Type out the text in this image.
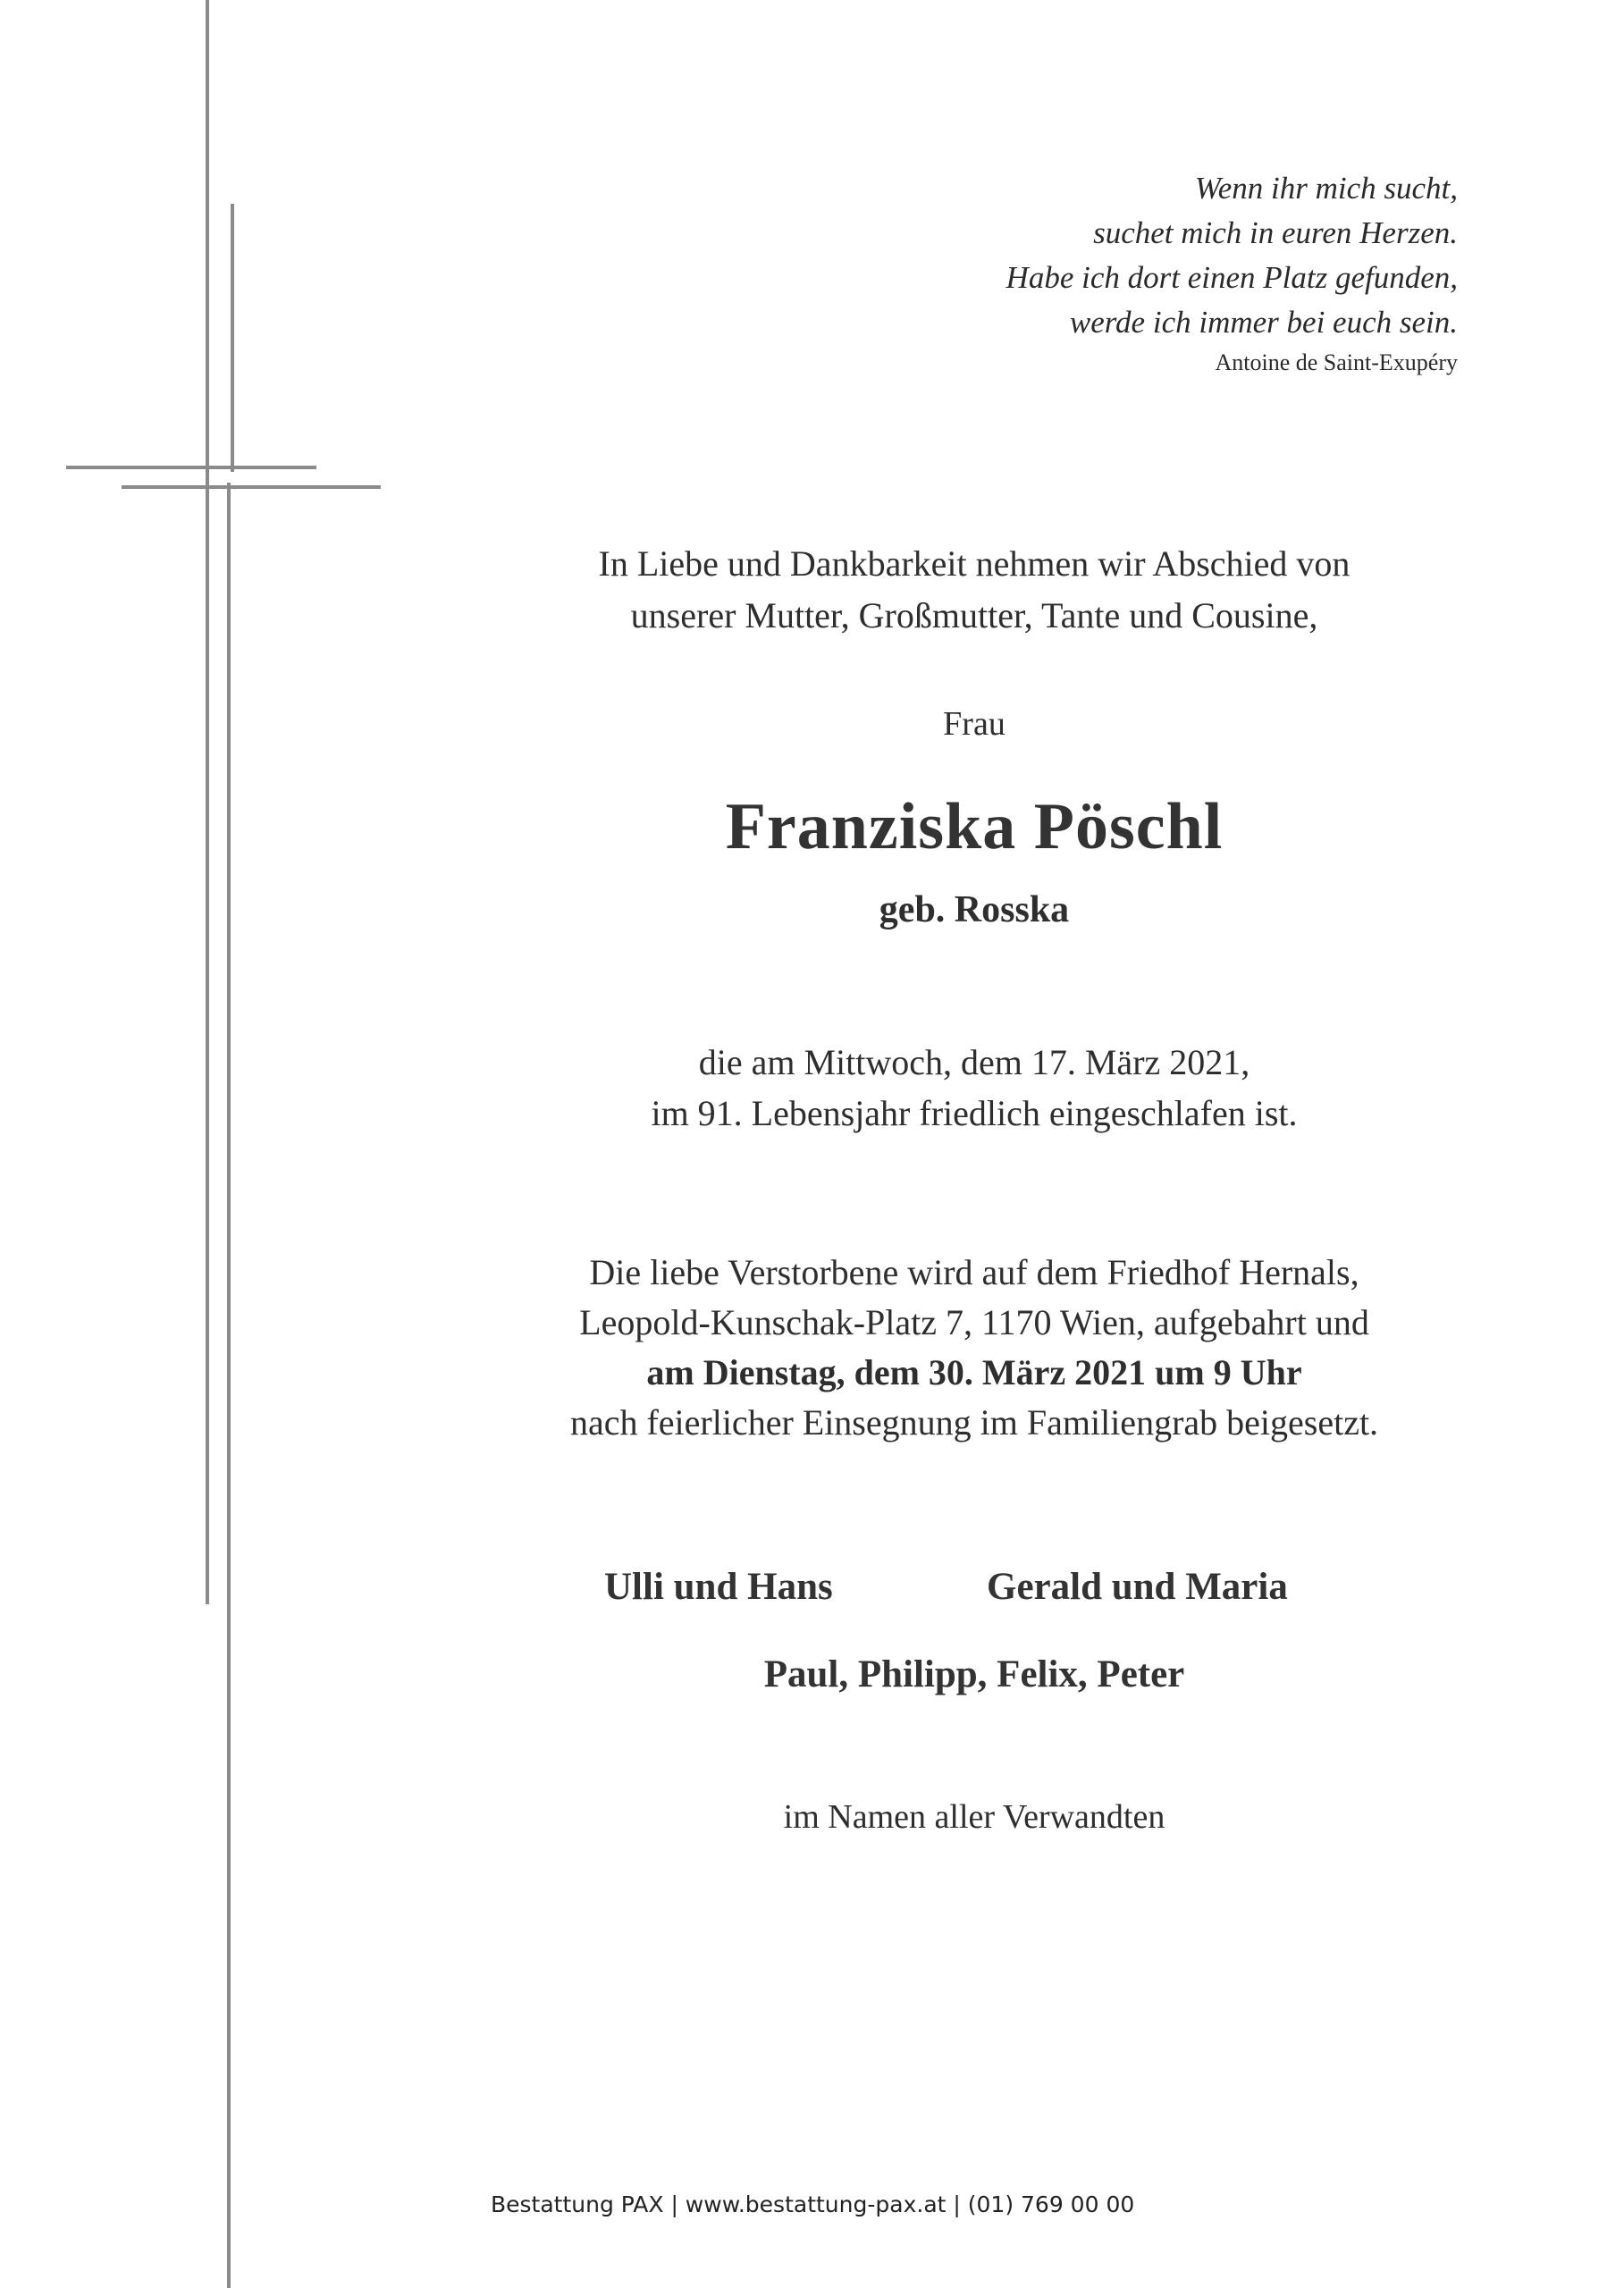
Wenn ihr mich sucht,
suchet mich in euren Herzen.
Habe ich dort einen Platz gefunden,
werde ich immer bei euch sein.
Antoine de Saint-Exupéry
In Liebe und Dankbarkeit nehmen wir Abschied von
unserer Mutter, Großmutter, Tante und Cousine,
Frau
Franziska Pöschl
geb. Rosska
die am Mittwoch, dem 17. März 2021,
im 91. Lebensjahr friedlich eingeschlafen ist.
Die liebe Verstorbene wird auf dem Friedhof Hernals,
Leopold-Kunschak-Platz 7, 1170 Wien, aufgebahrt und
am Dienstag, dem 30. März 2021 um 9 Uhr
nach feierlicher Einsegnung im Familiengrab beigesetzt.
Ulli und Hans	Gerald und Maria
Paul, Philipp, Felix, Peter
im Namen aller Verwandten
Bestattung PAX | www.bestattung-pax.at | (01) 769 00 00
